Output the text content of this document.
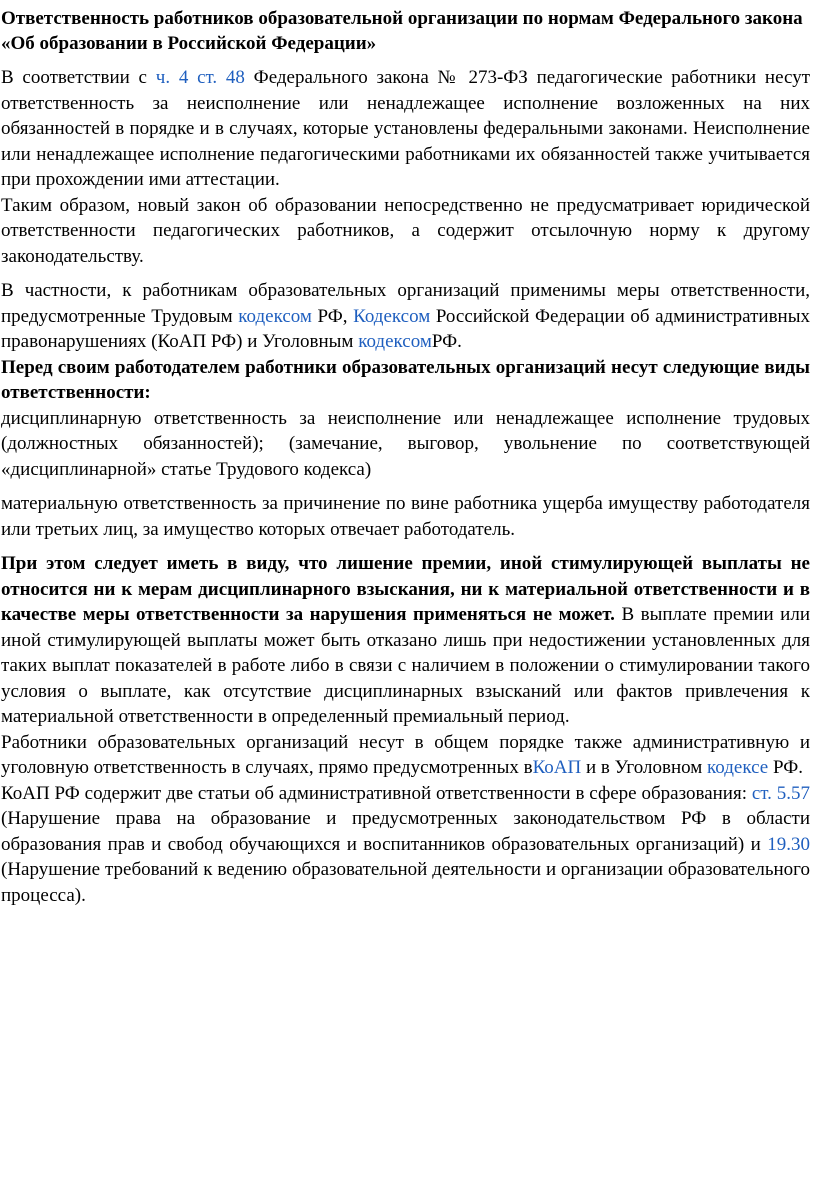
Ответственность работников образовательной организации по нормам Федерального закона «Об образовании в Российской Федерации»

В соответствии с ч. 4 ст. 48 Федерального закона № 273-ФЗ педагогические работники несут ответственность за неисполнение или ненадлежащее исполнение возложенных на них обязанностей в порядке и в случаях, которые установлены федеральными законами. Неисполнение или ненадлежащее исполнение педагогическими работниками их обязанностей также учитывается при прохождении ими аттестации.

Таким образом, новый закон об образовании непосредственно не предусматривает юридической ответственности педагогических работников, а содержит отсылочную норму к другому законодательству.

В частности, к работникам образовательных организаций применимы меры ответственности, предусмотренные Трудовым кодексом РФ, Кодексом Российской Федерации об административных правонарушениях (КоАП РФ) и Уголовным кодексомРФ.

Перед своим работодателем работники образовательных организаций несут следующие виды ответственности:

дисциплинарную ответственность за неисполнение или ненадлежащее исполнение трудовых (должностных обязанностей); (замечание, выговор, увольнение по соответствующей «дисциплинарной» статье Трудового кодекса)

материальную ответственность за причинение по вине работника ущерба имуществу работодателя или третьих лиц, за имущество которых отвечает работодатель.

При этом следует иметь в виду, что лишение премии, иной стимулирующей выплаты не относится ни к мерам дисциплинарного взыскания, ни к материальной ответственности и в качестве меры ответственности за нарушения применяться не может. В выплате премии или иной стимулирующей выплаты может быть отказано лишь при недостижении установленных для таких выплат показателей в работе либо в связи с наличием в положении о стимулировании такого условия о выплате, как отсутствие дисциплинарных взысканий или фактов привлечения к материальной ответственности в определенный премиальный период.

Работники образовательных организаций несут в общем порядке также административную и уголовную ответственность в случаях, прямо предусмотренных вКоАП и в Уголовном кодексе РФ.

КоАП РФ содержит две статьи об административной ответственности в сфере образования: ст. 5.57 (Нарушение права на образование и предусмотренных законодательством РФ в области образования прав и свобод обучающихся и воспитанников образовательных организаций) и 19.30 (Нарушение требований к ведению образовательной деятельности и организации образовательного процесса).
